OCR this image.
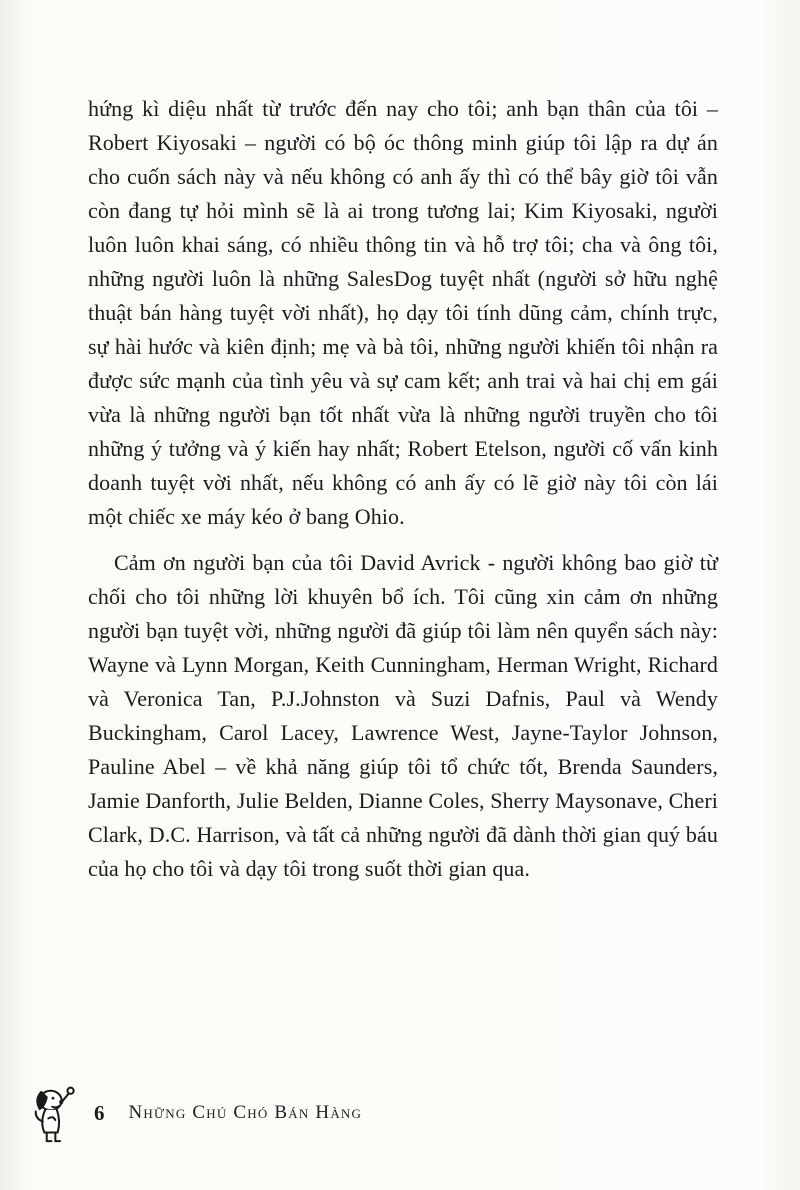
hứng kì diệu nhất từ trước đến nay cho tôi; anh bạn thân của tôi – Robert Kiyosaki – người có bộ óc thông minh giúp tôi lập ra dự án cho cuốn sách này và nếu không có anh ấy thì có thể bây giờ tôi vẫn còn đang tự hỏi mình sẽ là ai trong tương lai; Kim Kiyosaki, người luôn luôn khai sáng, có nhiều thông tin và hỗ trợ tôi; cha và ông tôi, những người luôn là những SalesDog tuyệt nhất (người sở hữu nghệ thuật bán hàng tuyệt vời nhất), họ dạy tôi tính dũng cảm, chính trực, sự hài hước và kiên định; mẹ và bà tôi, những người khiến tôi nhận ra được sức mạnh của tình yêu và sự cam kết; anh trai và hai chị em gái vừa là những người bạn tốt nhất vừa là những người truyền cho tôi những ý tưởng và ý kiến hay nhất; Robert Etelson, người cố vấn kinh doanh tuyệt vời nhất, nếu không có anh ấy có lẽ giờ này tôi còn lái một chiếc xe máy kéo ở bang Ohio.

Cảm ơn người bạn của tôi David Avrick - người không bao giờ từ chối cho tôi những lời khuyên bổ ích. Tôi cũng xin cảm ơn những người bạn tuyệt vời, những người đã giúp tôi làm nên quyển sách này: Wayne và Lynn Morgan, Keith Cunningham, Herman Wright, Richard và Veronica Tan, P.J.Johnston và Suzi Dafnis, Paul và Wendy Buckingham, Carol Lacey, Lawrence West, Jayne-Taylor Johnson, Pauline Abel – về khả năng giúp tôi tổ chức tốt, Brenda Saunders, Jamie Danforth, Julie Belden, Dianne Coles, Sherry Maysonave, Cheri Clark, D.C. Harrison, và tất cả những người đã dành thời gian quý báu của họ cho tôi và dạy tôi trong suốt thời gian qua.

6 Những Chú Chó Bán Hàng
